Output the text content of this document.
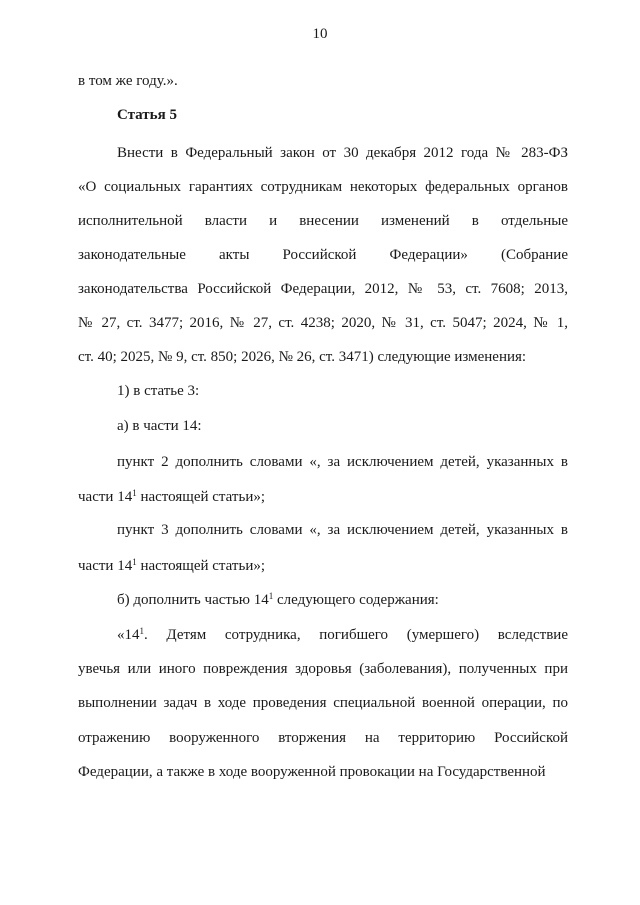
10
в том же году.».
Статья 5
Внести в Федеральный закон от 30 декабря 2012 года № 283-ФЗ
«О социальных гарантиях сотрудникам некоторых федеральных органов
исполнительной власти и внесении изменений в отдельные
законодательные акты Российской Федерации» (Собрание
законодательства Российской Федерации, 2012, № 53, ст. 7608; 2013,
№ 27, ст. 3477; 2016, № 27, ст. 4238; 2020, № 31, ст. 5047; 2024, № 1,
ст. 40; 2025, № 9, ст. 850; 2026, № 26, ст. 3471) следующие изменения:
1) в статье 3:
а) в части 14:
пункт 2 дополнить словами «, за исключением детей, указанных в
части $14^1$ настоящей статьи»;
пункт 3 дополнить словами «, за исключением детей, указанных в
части $14^1$ настоящей статьи»;
б) дополнить частью $14^1$ следующего содержания:
«$14^1$. Детям сотрудника, погибшего (умершего) вследствие
увечья или иного повреждения здоровья (заболевания), полученных при
выполнении задач в ходе проведения специальной военной операции, по
отражению вооруженного вторжения на территорию Российской
Федерации, а также в ходе вооруженной провокации на Государственной
